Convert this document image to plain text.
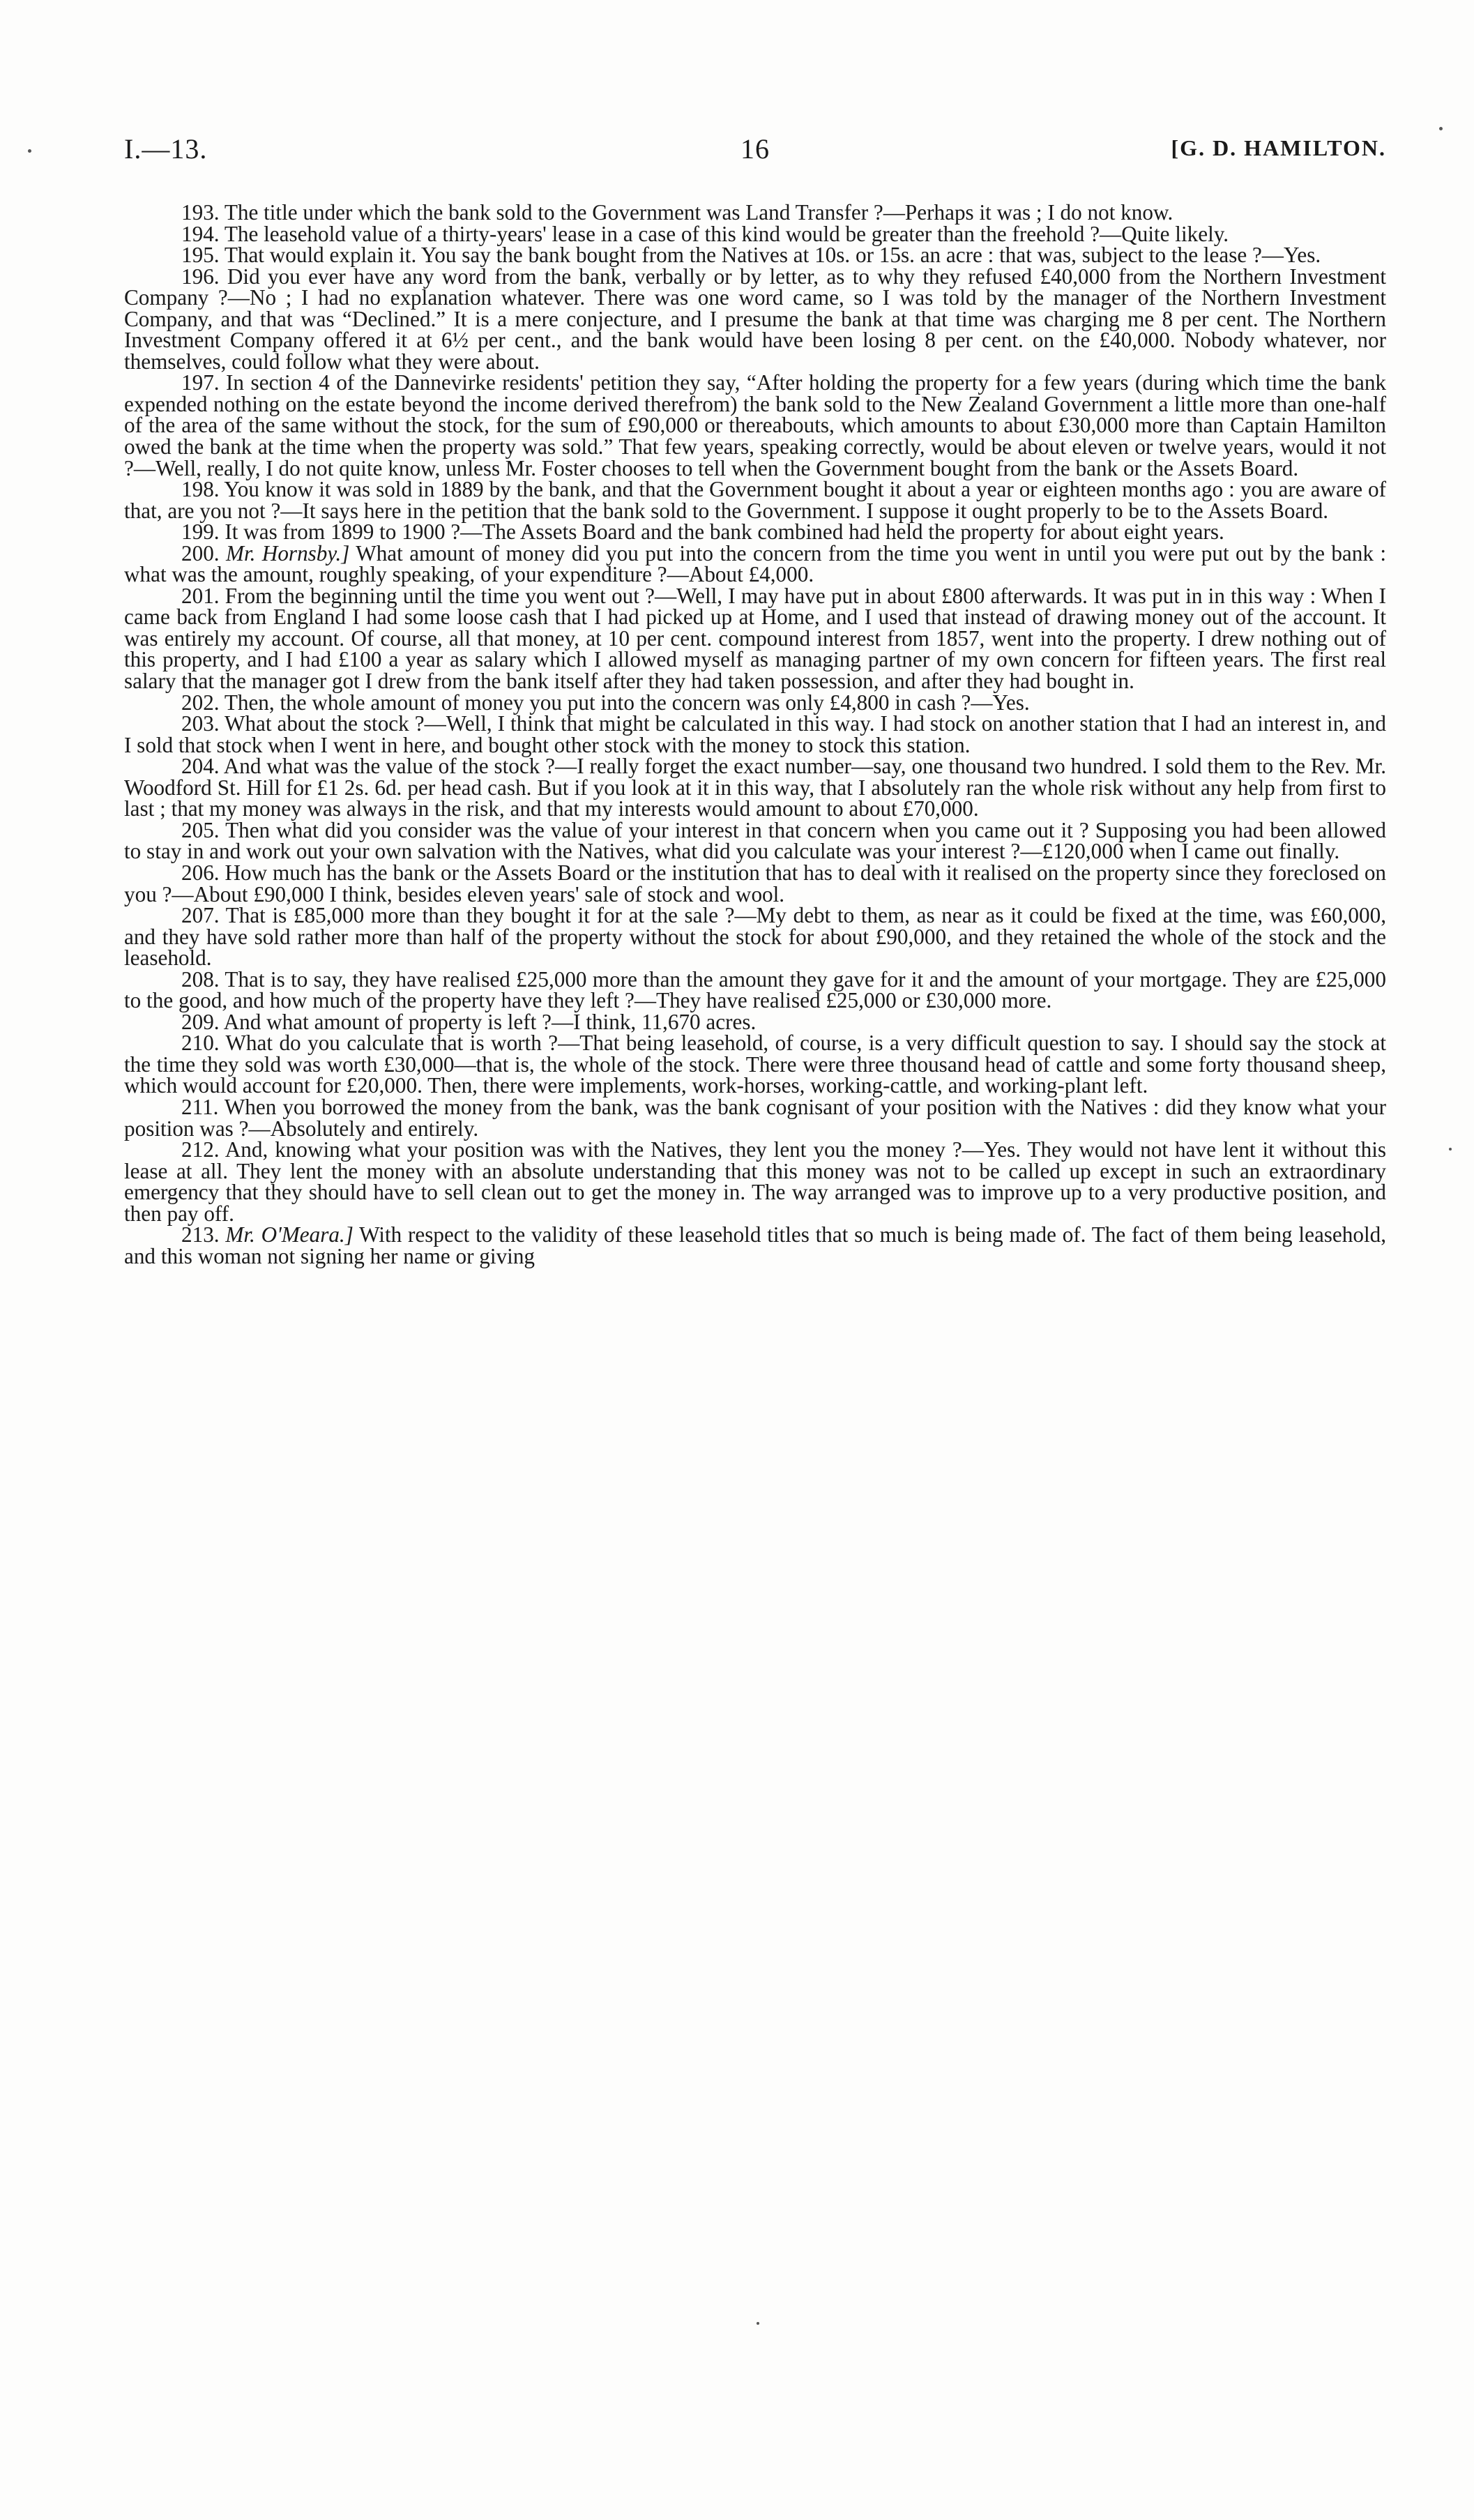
I.—13.	16	[G. D. HAMILTON.

193. The title under which the bank sold to the Government was Land Transfer ?—Perhaps it was ; I do not know.

194. The leasehold value of a thirty-years' lease in a case of this kind would be greater than the freehold ?—Quite likely.

195. That would explain it. You say the bank bought from the Natives at 10s. or 15s. an acre : that was, subject to the lease ?—Yes.

196. Did you ever have any word from the bank, verbally or by letter, as to why they refused £40,000 from the Northern Investment Company ?—No ; I had no explanation whatever. There was one word came, so I was told by the manager of the Northern Investment Company, and that was “Declined.” It is a mere conjecture, and I presume the bank at that time was charging me 8 per cent. The Northern Investment Company offered it at 6½ per cent., and the bank would have been losing 8 per cent. on the £40,000. Nobody whatever, nor themselves, could follow what they were about.

197. In section 4 of the Dannevirke residents' petition they say, “After holding the property for a few years (during which time the bank expended nothing on the estate beyond the income derived therefrom) the bank sold to the New Zealand Government a little more than one-half of the area of the same without the stock, for the sum of £90,000 or thereabouts, which amounts to about £30,000 more than Captain Hamilton owed the bank at the time when the property was sold.” That few years, speaking correctly, would be about eleven or twelve years, would it not ?—Well, really, I do not quite know, unless Mr. Foster chooses to tell when the Government bought from the bank or the Assets Board.

198. You know it was sold in 1889 by the bank, and that the Government bought it about a year or eighteen months ago : you are aware of that, are you not ?—It says here in the petition that the bank sold to the Government. I suppose it ought properly to be to the Assets Board.

199. It was from 1899 to 1900 ?—The Assets Board and the bank combined had held the property for about eight years.

200. Mr. Hornsby.] What amount of money did you put into the concern from the time you went in until you were put out by the bank : what was the amount, roughly speaking, of your expenditure ?—About £4,000.

201. From the beginning until the time you went out ?—Well, I may have put in about £800 afterwards. It was put in in this way : When I came back from England I had some loose cash that I had picked up at Home, and I used that instead of drawing money out of the account. It was entirely my account. Of course, all that money, at 10 per cent. compound interest from 1857, went into the property. I drew nothing out of this property, and I had £100 a year as salary which I allowed myself as managing partner of my own concern for fifteen years. The first real salary that the manager got I drew from the bank itself after they had taken possession, and after they had bought in.

202. Then, the whole amount of money you put into the concern was only £4,800 in cash ?—Yes.

203. What about the stock ?—Well, I think that might be calculated in this way. I had stock on another station that I had an interest in, and I sold that stock when I went in here, and bought other stock with the money to stock this station.

204. And what was the value of the stock ?—I really forget the exact number—say, one thousand two hundred. I sold them to the Rev. Mr. Woodford St. Hill for £1 2s. 6d. per head cash. But if you look at it in this way, that I absolutely ran the whole risk without any help from first to last ; that my money was always in the risk, and that my interests would amount to about £70,000.

205. Then what did you consider was the value of your interest in that concern when you came out it ? Supposing you had been allowed to stay in and work out your own salvation with the Natives, what did you calculate was your interest ?—£120,000 when I came out finally.

206. How much has the bank or the Assets Board or the institution that has to deal with it realised on the property since they foreclosed on you ?—About £90,000 I think, besides eleven years' sale of stock and wool.

207. That is £85,000 more than they bought it for at the sale ?—My debt to them, as near as it could be fixed at the time, was £60,000, and they have sold rather more than half of the property without the stock for about £90,000, and they retained the whole of the stock and the leasehold.

208. That is to say, they have realised £25,000 more than the amount they gave for it and the amount of your mortgage. They are £25,000 to the good, and how much of the property have they left ?—They have realised £25,000 or £30,000 more.

209. And what amount of property is left ?—I think, 11,670 acres.

210. What do you calculate that is worth ?—That being leasehold, of course, is a very difficult question to say. I should say the stock at the time they sold was worth £30,000—that is, the whole of the stock. There were three thousand head of cattle and some forty thousand sheep, which would account for £20,000. Then, there were implements, work-horses, working-cattle, and working-plant left.

211. When you borrowed the money from the bank, was the bank cognisant of your position with the Natives : did they know what your position was ?—Absolutely and entirely.

212. And, knowing what your position was with the Natives, they lent you the money ?—Yes. They would not have lent it without this lease at all. They lent the money with an absolute understanding that this money was not to be called up except in such an extraordinary emergency that they should have to sell clean out to get the money in. The way arranged was to improve up to a very productive position, and then pay off.

213. Mr. O'Meara.] With respect to the validity of these leasehold titles that so much is being made of. The fact of them being leasehold, and this woman not signing her name or giving
